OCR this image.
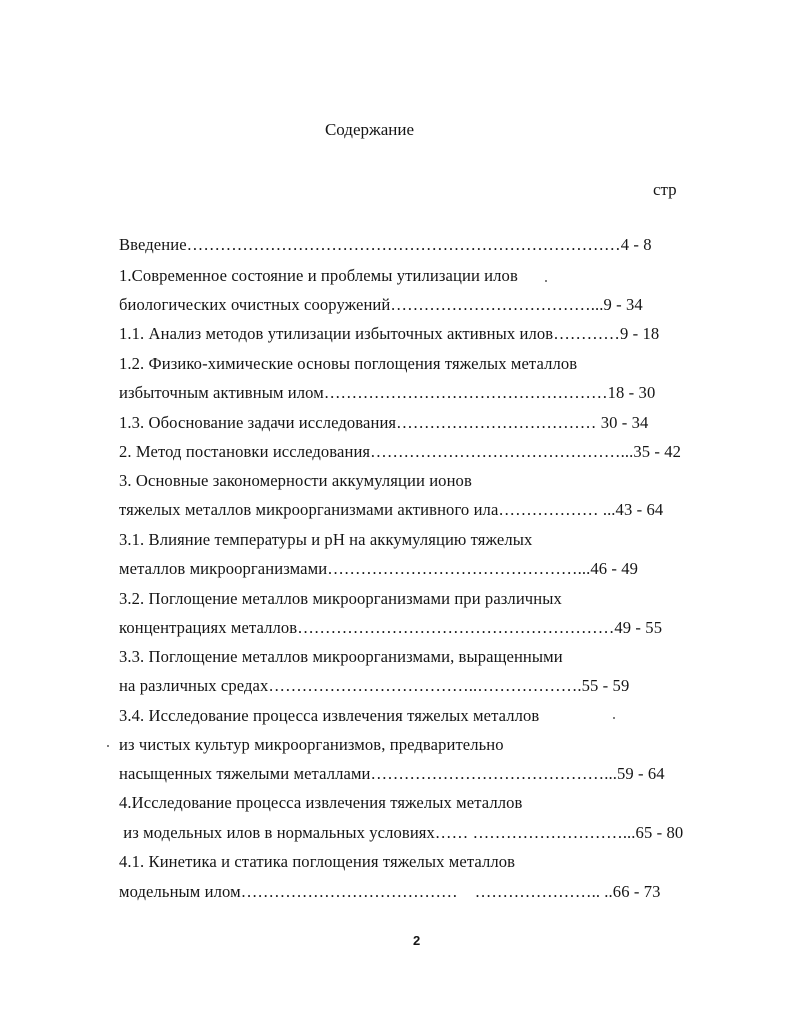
Содержание
стр
Введение……………………………………………………………………4 - 8
1.Современное состояние и проблемы утилизации илов
биологических очистных сооружений………………………………...9 - 34
1.1. Анализ методов утилизации избыточных активных илов…………9 - 18
1.2. Физико-химические основы поглощения тяжелых металлов
избыточным активным илом……………………………………………18 - 30
1.3. Обоснование задачи исследования……………………………… 30 - 34
2. Метод постановки исследования………………………………………...35 - 42
3. Основные закономерности аккумуляции ионов
тяжелых металлов микроорганизмами активного ила……………… ...43 - 64
3.1. Влияние температуры и pH на аккумуляцию тяжелых
металлов микроорганизмами………………………………………...46 - 49
3.2. Поглощение металлов микроорганизмами при различных
концентрациях металлов…………………………………………………49 - 55
3.3. Поглощение металлов микроорганизмами, выращенными
на различных средах………………………………..……………….55 - 59
3.4. Исследование процесса извлечения тяжелых металлов
из чистых культур микроорганизмов, предварительно
насыщенных тяжелыми металлами……………………………………...59 - 64
4.Исследование процесса извлечения тяжелых металлов
из модельных илов в нормальных условиях…… ………………………...65 - 80
4.1. Кинетика и статика поглощения тяжелых металлов
модельным илом…………………………………    ………………….. ..66 - 73
2
